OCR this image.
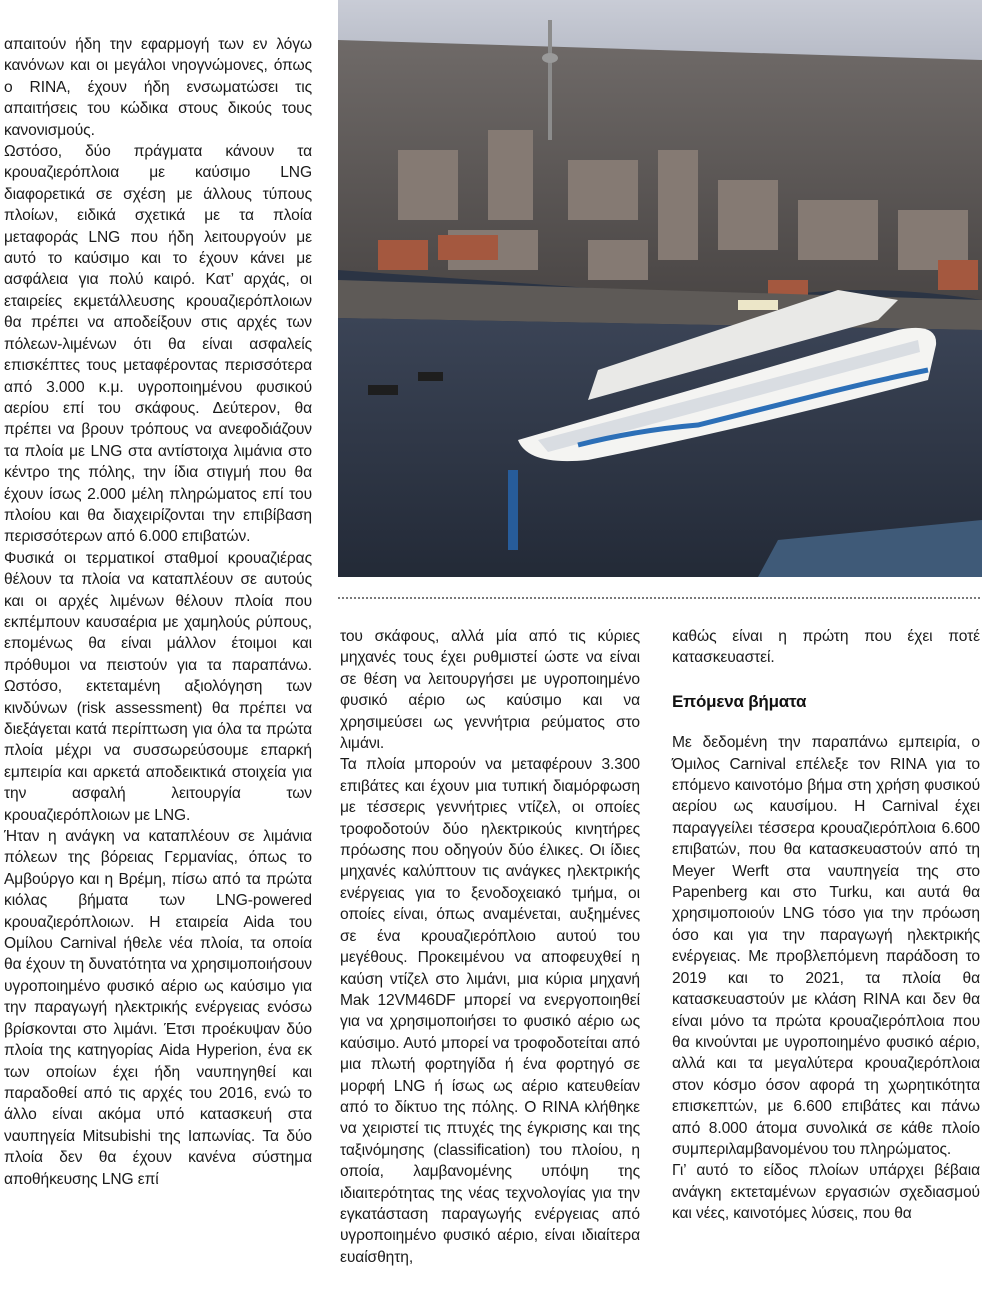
απαιτούν ήδη την εφαρμογή των εν λόγω κανόνων και οι μεγάλοι νηογνώμονες, όπως ο RINA, έχουν ήδη ενσωματώσει τις απαιτήσεις του κώδικα στους δικούς τους κανονισμούς.

Ωστόσο, δύο πράγματα κάνουν τα κρουαζιερόπλοια με καύσιμο LNG διαφορετικά σε σχέση με άλλους τύπους πλοίων, ειδικά σχετικά με τα πλοία μεταφοράς LNG που ήδη λειτουργούν με αυτό το καύσιμο και το έχουν κάνει με ασφάλεια για πολύ καιρό. Κατ’ αρχάς, οι εταιρείες εκμετάλλευσης κρουαζιερόπλοιων θα πρέπει να αποδείξουν στις αρχές των πόλεων-λιμένων ότι θα είναι ασφαλείς επισκέπτες τους μεταφέροντας περισσότερα από 3.000 κ.μ. υγροποιημένου φυσικού αερίου επί του σκάφους. Δεύτερον, θα πρέπει να βρουν τρόπους να ανεφοδιάζουν τα πλοία με LNG στα αντίστοιχα λιμάνια στο κέντρο της πόλης, την ίδια στιγμή που θα έχουν ίσως 2.000 μέλη πληρώματος επί του πλοίου και θα διαχειρίζονται την επιβίβαση περισσότερων από 6.000 επιβατών.

Φυσικά οι τερματικοί σταθμοί κρουαζιέρας θέλουν τα πλοία να καταπλέουν σε αυτούς και οι αρχές λιμένων θέλουν πλοία που εκπέμπουν καυσαέρια με χαμηλούς ρύπους, επομένως θα είναι μάλλον έτοιμοι και πρόθυμοι να πειστούν για τα παραπάνω. Ωστόσο, εκτεταμένη αξιολόγηση των κινδύνων (risk assessment) θα πρέπει να διεξάγεται κατά περίπτωση για όλα τα πρώτα πλοία μέχρι να συσσωρεύσουμε επαρκή εμπειρία και αρκετά αποδεικτικά στοιχεία για την ασφαλή λειτουργία των κρουαζιερόπλοιων με LNG.

Ήταν η ανάγκη να καταπλέουν σε λιμάνια πόλεων της βόρειας Γερμανίας, όπως το Αμβούργο και η Βρέμη, πίσω από τα πρώτα κιόλας βήματα των LNG-powered κρουαζιερόπλοιων. Η εταιρεία Aida του Ομίλου Carnival ήθελε νέα πλοία, τα οποία θα έχουν τη δυνατότητα να χρησιμοποιήσουν υγροποιημένο φυσικό αέριο ως καύσιμο για την παραγωγή ηλεκτρικής ενέργειας ενόσω βρίσκονται στο λιμάνι. Έτσι προέκυψαν δύο πλοία της κατηγορίας Aida Hyperion, ένα εκ των οποίων έχει ήδη ναυπηγηθεί και παραδοθεί από τις αρχές του 2016, ενώ το άλλο είναι ακόμα υπό κατασκευή στα ναυπηγεία Mitsubishi της Ιαπωνίας. Τα δύο πλοία δεν θα έχουν κανένα σύστημα αποθήκευσης LNG επί

του σκάφους, αλλά μία από τις κύριες μηχανές τους έχει ρυθμιστεί ώστε να είναι σε θέση να λειτουργήσει με υγροποιημένο φυσικό αέριο ως καύσιμο και να χρησιμεύσει ως γεννήτρια ρεύματος στο λιμάνι.

Τα πλοία μπορούν να μεταφέρουν 3.300 επιβάτες και έχουν μια τυπική διαμόρφωση με τέσσερις γεννήτριες ντίζελ, οι οποίες τροφοδοτούν δύο ηλεκτρικούς κινητήρες πρόωσης που οδηγούν δύο έλικες. Οι ίδιες μηχανές καλύπτουν τις ανάγκες ηλεκτρικής ενέργειας για το ξενοδοχειακό τμήμα, οι οποίες είναι, όπως αναμένεται, αυξημένες σε ένα κρουαζιερόπλοιο αυτού του μεγέθους. Προκειμένου να αποφευχθεί η καύση ντίζελ στο λιμάνι, μια κύρια μηχανή Mak 12VM46DF μπορεί να ενεργοποιηθεί για να χρησιμοποιήσει το φυσικό αέριο ως καύσιμο. Αυτό μπορεί να τροφοδοτείται από μια πλωτή φορτηγίδα ή ένα φορτηγό σε μορφή LNG ή ίσως ως αέριο κατευθείαν από το δίκτυο της πόλης. Ο RINA κλήθηκε να χειριστεί τις πτυχές της έγκρισης και της ταξινόμησης (classification) του πλοίου, η οποία, λαμβανομένης υπόψη της ιδιαιτερότητας της νέας τεχνολογίας για την εγκατάσταση παραγωγής ενέργειας από υγροποιημένο φυσικό αέριο, είναι ιδιαίτερα ευαίσθητη,

καθώς είναι η πρώτη που έχει ποτέ κατασκευαστεί.

Επόμενα βήματα

Με δεδομένη την παραπάνω εμπειρία, ο Όμιλος Carnival επέλεξε τον RINA για το επόμενο καινοτόμο βήμα στη χρήση φυσικού αερίου ως καυσίμου. Η Carnival έχει παραγγείλει τέσσερα κρουαζιερόπλοια 6.600 επιβατών, που θα κατασκευαστούν από τη Meyer Werft στα ναυπηγεία της στο Papenberg και στο Turku, και αυτά θα χρησιμοποιούν LNG τόσο για την πρόωση όσο και για την παραγωγή ηλεκτρικής ενέργειας. Με προβλεπόμενη παράδοση το 2019 και το 2021, τα πλοία θα κατασκευαστούν με κλάση RINA και δεν θα είναι μόνο τα πρώτα κρουαζιερόπλοια που θα κινούνται με υγροποιημένο φυσικό αέριο, αλλά και τα μεγαλύτερα κρουαζιερόπλοια στον κόσμο όσον αφορά τη χωρητικότητα επισκεπτών, με 6.600 επιβάτες και πάνω από 8.000 άτομα συνολικά σε κάθε πλοίο συμπεριλαμβανομένου του πληρώματος.

Γι’ αυτό το είδος πλοίων υπάρχει βέβαια ανάγκη εκτεταμένων εργασιών σχεδιασμού και νέες, καινοτόμες λύσεις, που θα
